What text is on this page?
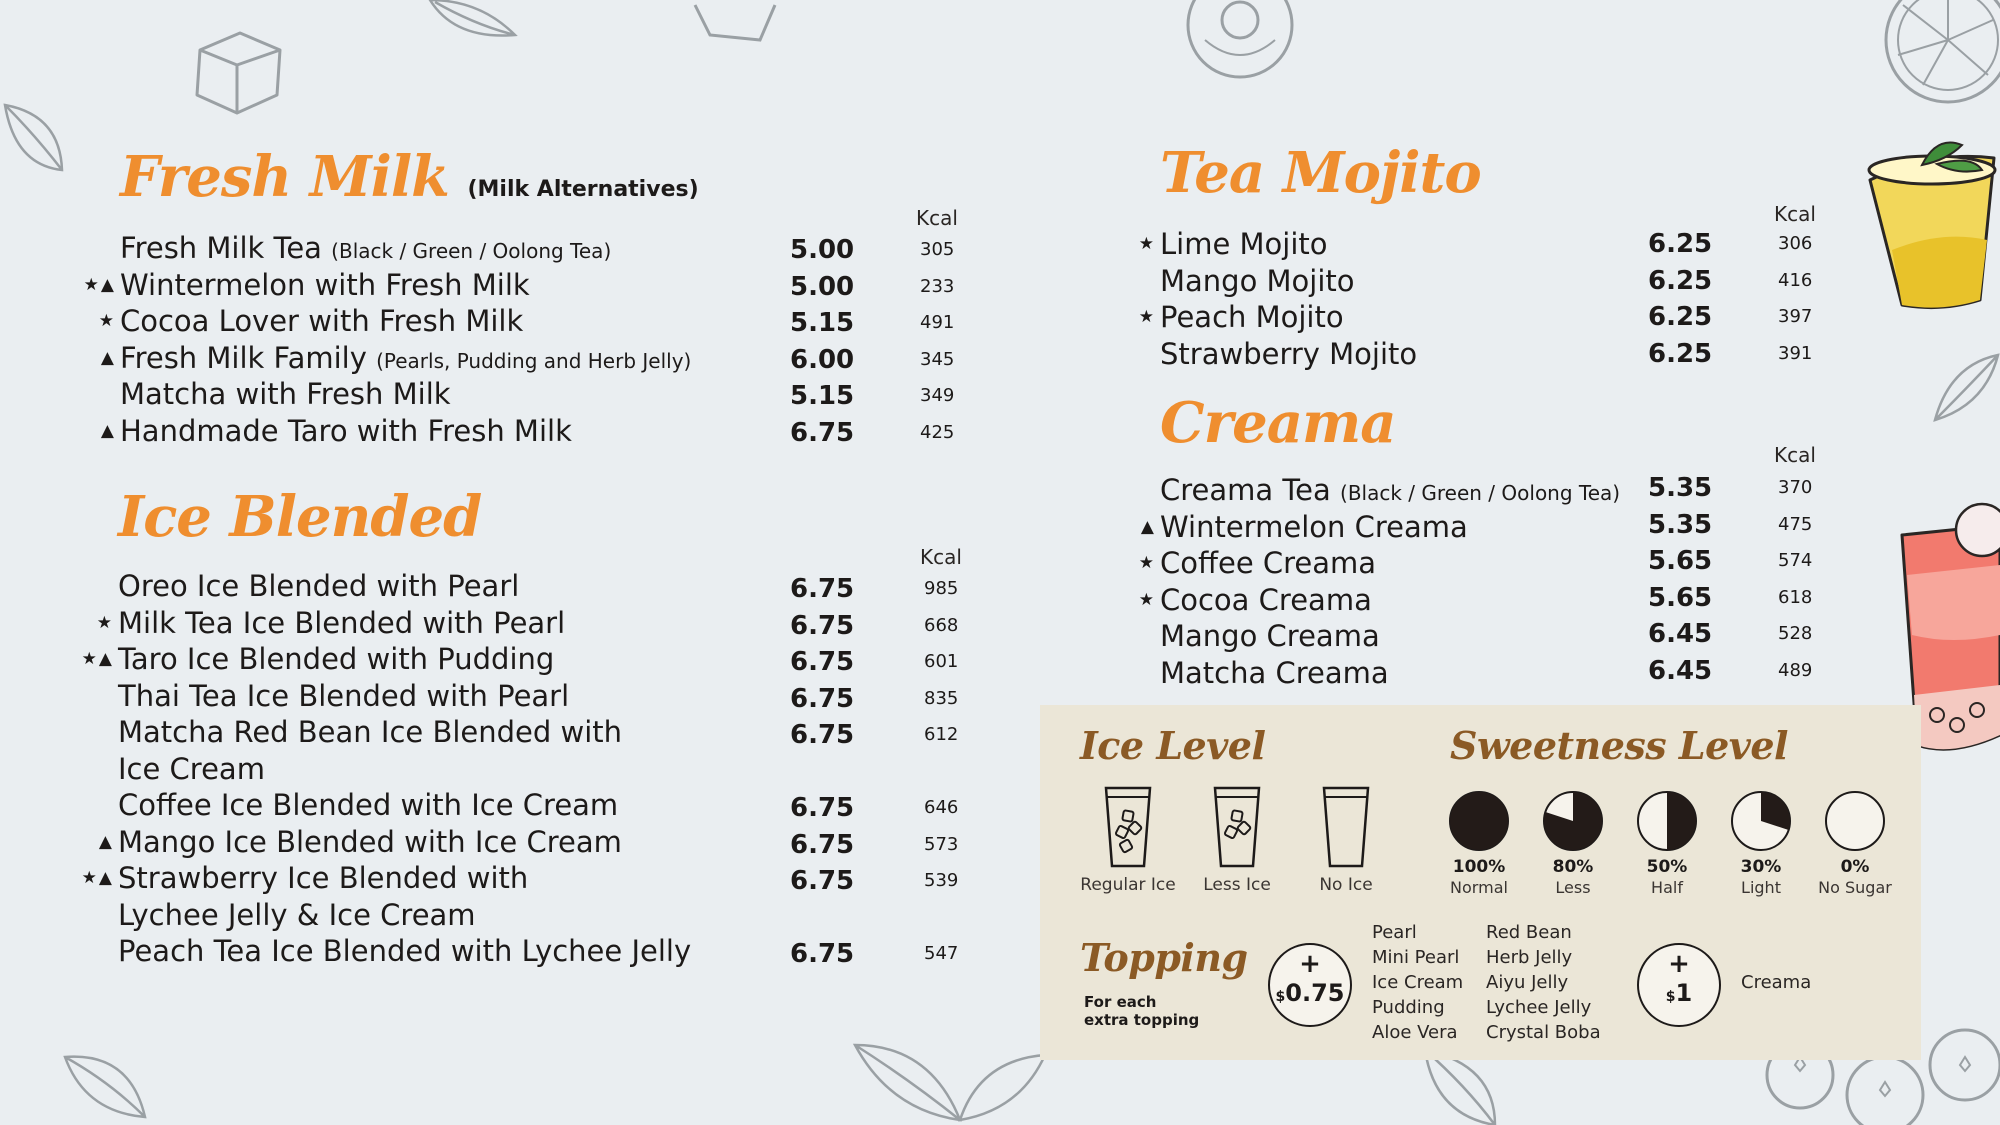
Fresh Milk (Milk Alternatives)
Kcal
Fresh Milk Tea (Black / Green / Oolong Tea)	5.00	305
★▲ Wintermelon with Fresh Milk	5.00	233
★ Cocoa Lover with Fresh Milk	5.15	491
▲ Fresh Milk Family (Pearls, Pudding and Herb Jelly)	6.00	345
Matcha with Fresh Milk	5.15	349
▲ Handmade Taro with Fresh Milk	6.75	425
Ice Blended
Kcal
Oreo Ice Blended with Pearl	6.75	985
★ Milk Tea Ice Blended with Pearl	6.75	668
★▲ Taro Ice Blended with Pudding	6.75	601
Thai Tea Ice Blended with Pearl	6.75	835
Matcha Red Bean Ice Blended with	6.75	612
Ice Cream
Coffee Ice Blended with Ice Cream	6.75	646
▲ Mango Ice Blended with Ice Cream	6.75	573
★▲ Strawberry Ice Blended with	6.75	539
Lychee Jelly & Ice Cream
Peach Tea Ice Blended with Lychee Jelly	6.75	547
Tea Mojito
Kcal
★ Lime Mojito	6.25	306
Mango Mojito	6.25	416
★ Peach Mojito	6.25	397
Strawberry Mojito	6.25	391
Creama	Kcal
Creama Tea (Black / Green / Oolong Tea) 5.35	370
▲ Wintermelon Creama	5.35	475
★ Coffee Creama	5.65	574
★ Cocoa Creama	5.65	618
Mango Creama	6.45	528
Matcha Creama	6.45	489
Ice Level
Regular Ice	Less Ice	No Ice
Sweetness Level
100%
Normal
80%
Less
50%
Half
30%
Light
0%
No Sugar
Topping
For each
extra topping
+
$0.75
Pearl
Mini Pearl
Ice Cream
Pudding
Aloe Vera
Red Bean
Herb Jelly
Aiyu Jelly
Lychee Jelly
Crystal Boba
+
$1	Creama
